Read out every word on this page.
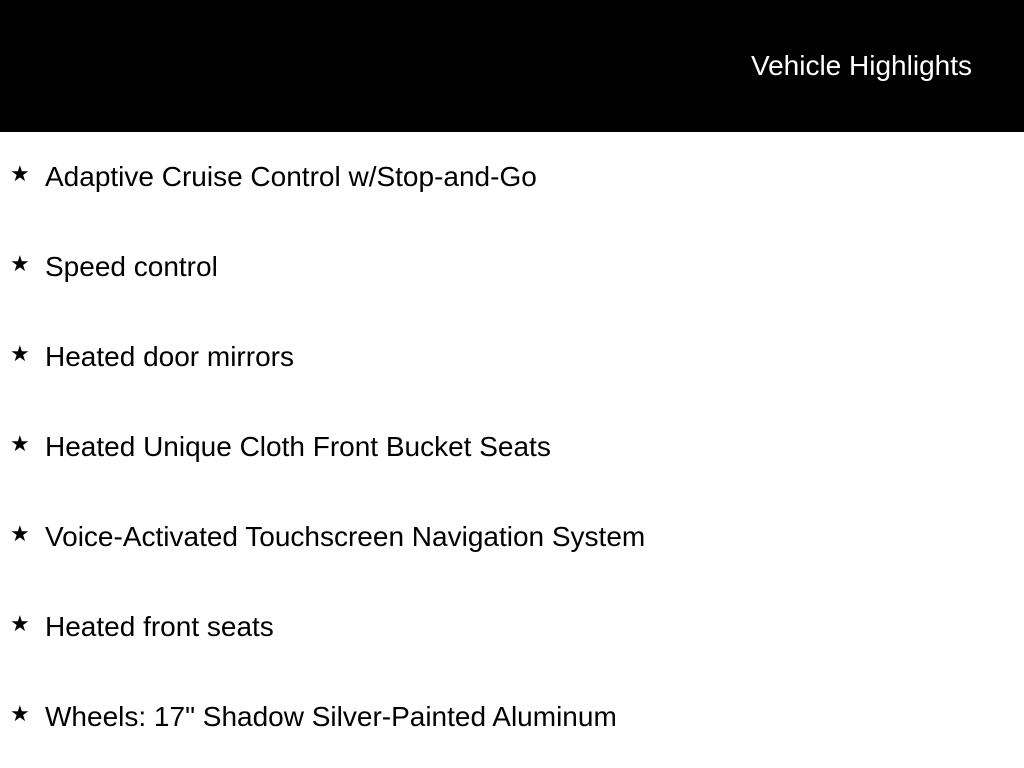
Vehicle Highlights
★ Adaptive Cruise Control w/Stop-and-Go
★ Speed control
★ Heated door mirrors
★ Heated Unique Cloth Front Bucket Seats
★ Voice-Activated Touchscreen Navigation System
★ Heated front seats
★ Wheels: 17" Shadow Silver-Painted Aluminum
